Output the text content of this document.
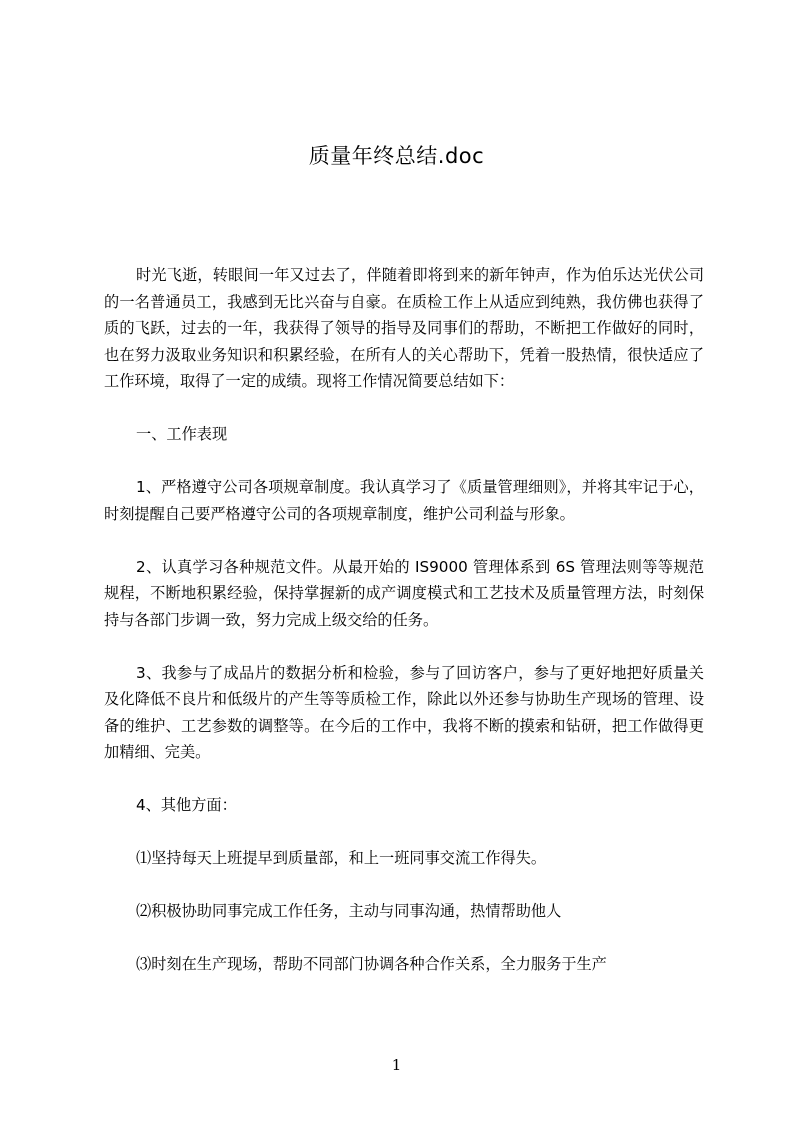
质量年终总结.doc

时光飞逝，转眼间一年又过去了，伴随着即将到来的新年钟声，作为伯乐达光伏公司的一名普通员工，我感到无比兴奋与自豪。在质检工作上从适应到纯熟，我仿佛也获得了质的飞跃，过去的一年，我获得了领导的指导及同事们的帮助，不断把工作做好的同时，也在努力汲取业务知识和积累经验，在所有人的关心帮助下，凭着一股热情，很快适应了工作环境，取得了一定的成绩。现将工作情况简要总结如下：

一、工作表现

1、严格遵守公司各项规章制度。我认真学习了《质量管理细则》，并将其牢记于心，时刻提醒自己要严格遵守公司的各项规章制度，维护公司利益与形象。

2、认真学习各种规范文件。从最开始的 IS9000 管理体系到 6S 管理法则等等规范规程，不断地积累经验，保持掌握新的成产调度模式和工艺技术及质量管理方法，时刻保持与各部门步调一致，努力完成上级交给的任务。

3、我参与了成品片的数据分析和检验，参与了回访客户，参与了更好地把好质量关及化降低不良片和低级片的产生等等质检工作，除此以外还参与协助生产现场的管理、设备的维护、工艺参数的调整等。在今后的工作中，我将不断的摸索和钻研，把工作做得更加精细、完美。

4、其他方面：

⑴坚持每天上班提早到质量部，和上一班同事交流工作得失。

⑵积极协助同事完成工作任务，主动与同事沟通，热情帮助他人

⑶时刻在生产现场，帮助不同部门协调各种合作关系，全力服务于生产

1
